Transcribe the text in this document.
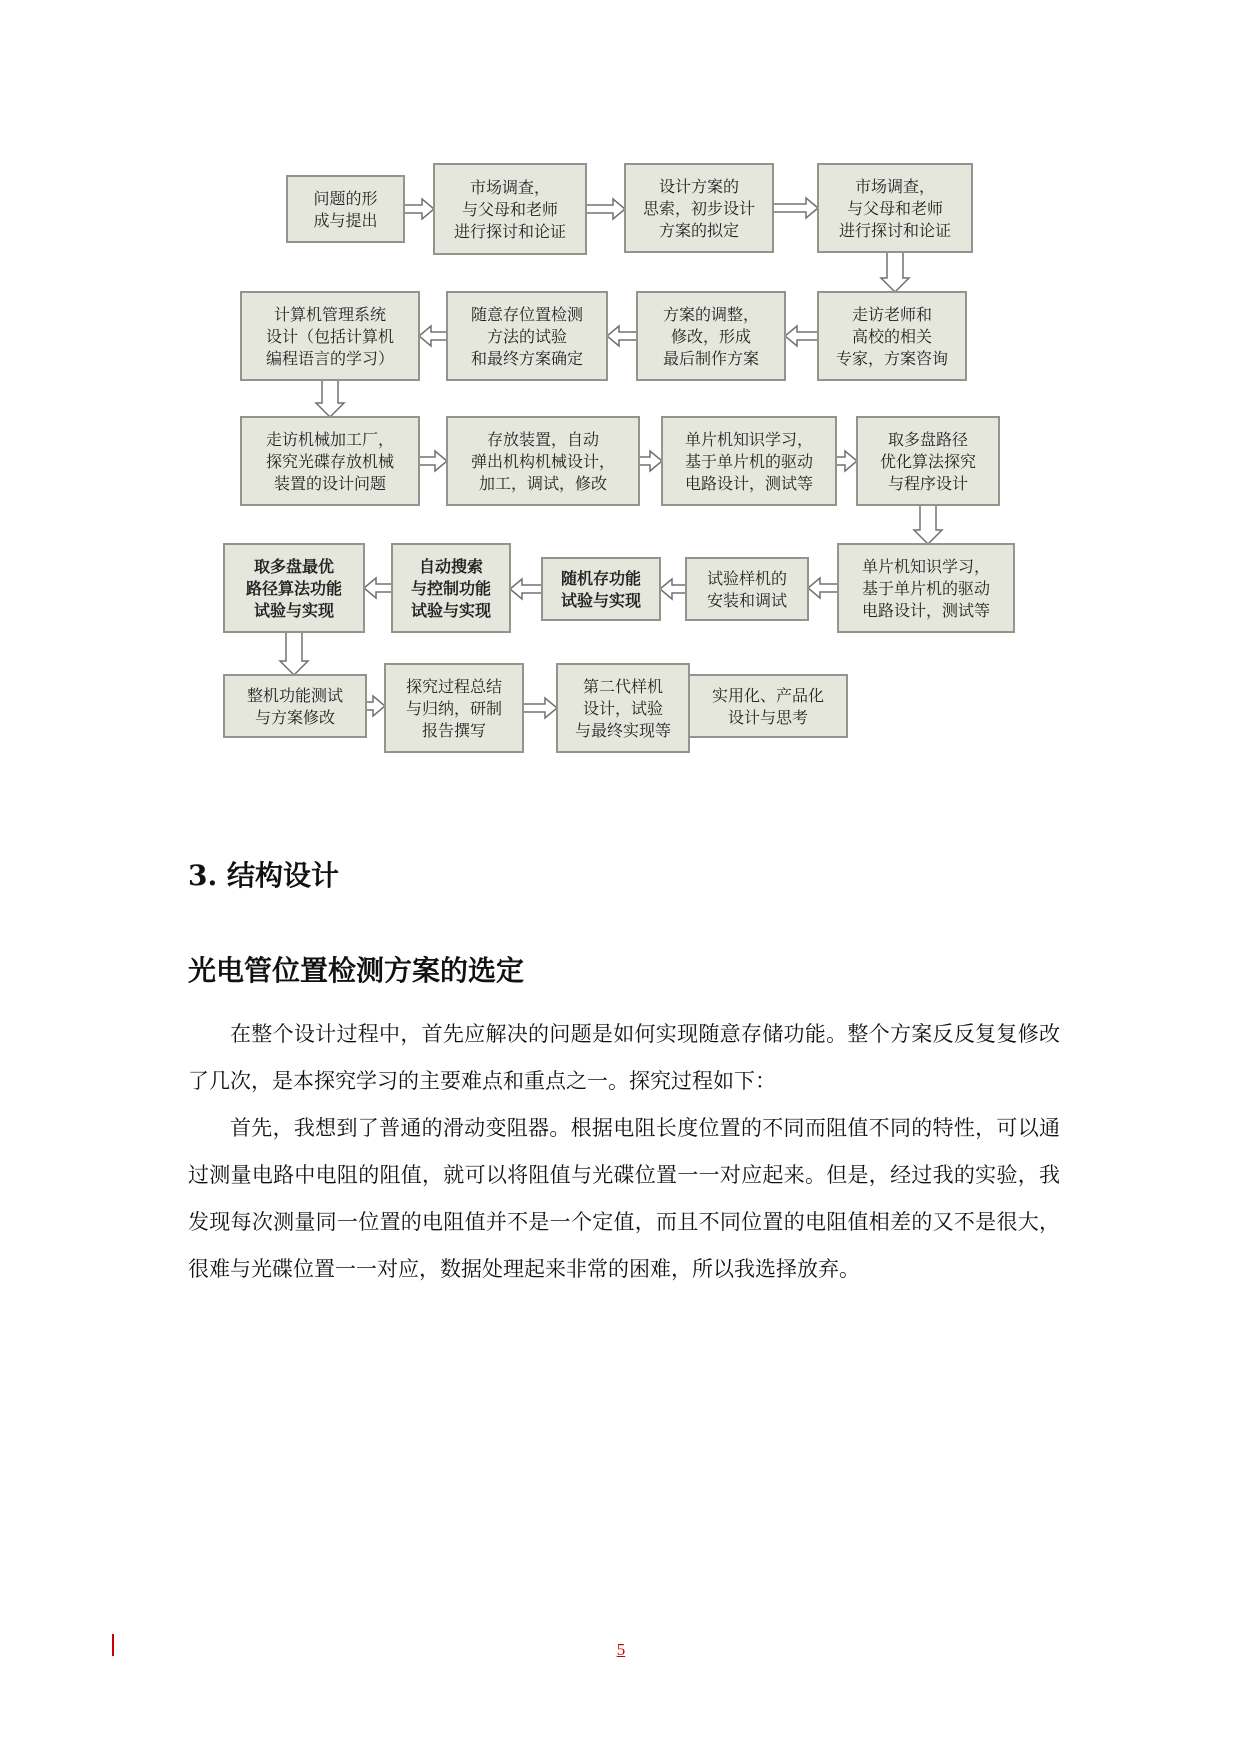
问题的形
成与提出
市场调查，
与父母和老师
进行探讨和论证
设计方案的
思索，初步设计
方案的拟定
市场调查，
与父母和老师
进行探讨和论证
走访老师和
高校的相关
专家，方案咨询
方案的调整，
修改，形成
最后制作方案
随意存位置检测
方法的试验
和最终方案确定
计算机管理系统
设计（包括计算机
编程语言的学习）
走访机械加工厂，
探究光碟存放机械
装置的设计问题
存放装置，自动
弹出机构机械设计，
加工，调试，修改
单片机知识学习，
基于单片机的驱动
电路设计，测试等
取多盘路径
优化算法探究
与程序设计
单片机知识学习，
基于单片机的驱动
电路设计，测试等
试验样机的
安装和调试
随机存功能
试验与实现
自动搜索
与控制功能
试验与实现
取多盘最优
路径算法功能
试验与实现
整机功能测试
与方案修改
探究过程总结
与归纳，研制
报告撰写
第二代样机
设计，试验
与最终实现等
实用化、产品化
设计与思考
3. 结构设计
光电管位置检测方案的选定

在整个设计过程中，首先应解决的问题是如何实现随意存储功能。整个方案反反复复修改了几次，是本探究学习的主要难点和重点之一。探究过程如下：

首先，我想到了普通的滑动变阻器。根据电阻长度位置的不同而阻值不同的特性，可以通过测量电路中电阻的阻值，就可以将阻值与光碟位置一一对应起来。但是，经过我的实验，我发现每次测量同一位置的电阻值并不是一个定值，而且不同位置的电阻值相差的又不是很大，很难与光碟位置一一对应，数据处理起来非常的困难，所以我选择放弃。

5
